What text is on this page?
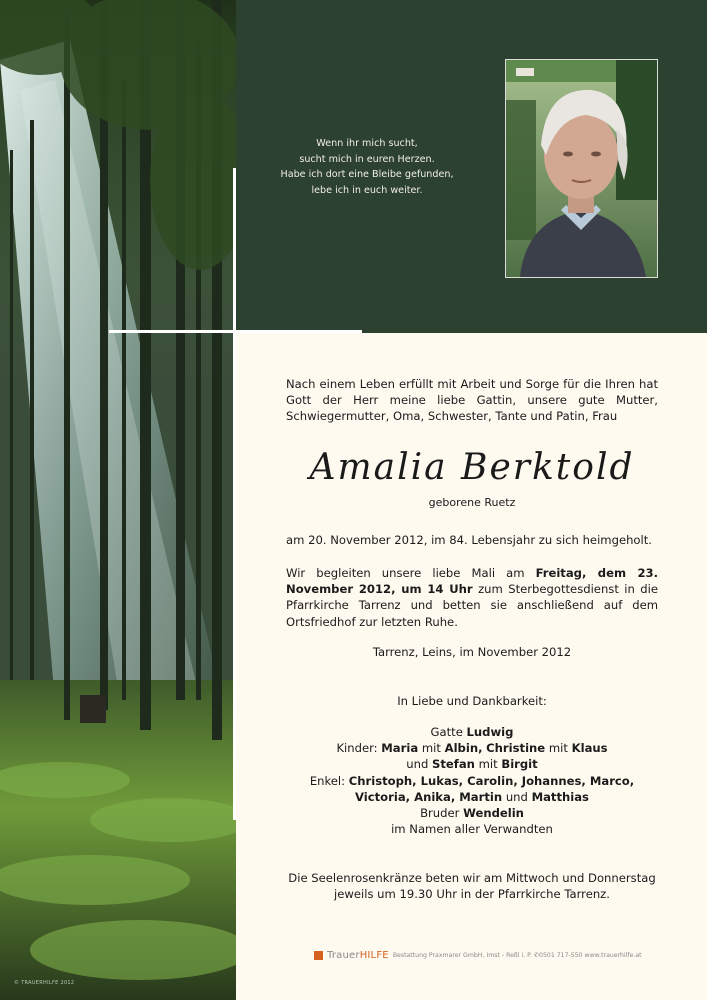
© TRAUERHILFE 2012
Wenn ihr mich sucht,
sucht mich in euren Herzen.
Habe ich dort eine Bleibe gefunden,
lebe ich in euch weiter.
Nach einem Leben erfüllt mit Arbeit und Sorge für die Ihren hat Gott der Herr meine liebe Gattin, unsere gute Mutter, Schwiegermutter, Oma, Schwester, Tante und Patin, Frau
Amalia Berktold
geborene Ruetz
am 20. November 2012, im 84. Lebensjahr zu sich heimgeholt.
Wir begleiten unsere liebe Mali am Freitag, dem 23. November 2012, um 14 Uhr zum Sterbegottesdienst in die Pfarrkirche Tarrenz und betten sie anschließend auf dem Ortsfriedhof zur letzten Ruhe.
Tarrenz, Leins, im November 2012
In Liebe und Dankbarkeit:
Gatte Ludwig
Kinder: Maria mit Albin, Christine mit Klaus
und Stefan mit Birgit
Enkel: Christoph, Lukas, Carolin, Johannes, Marco,
Victoria, Anika, Martin und Matthias
Bruder Wendelin
im Namen aller Verwandten
Die Seelenrosenkränze beten wir am Mittwoch und Donnerstag
jeweils um 19.30 Uhr in der Pfarrkirche Tarrenz.
TrauerHILFE Bestattung Praxmarer GmbH, Imst - Reßl i. P. ✆0501 717-550 www.trauerhilfe.at
